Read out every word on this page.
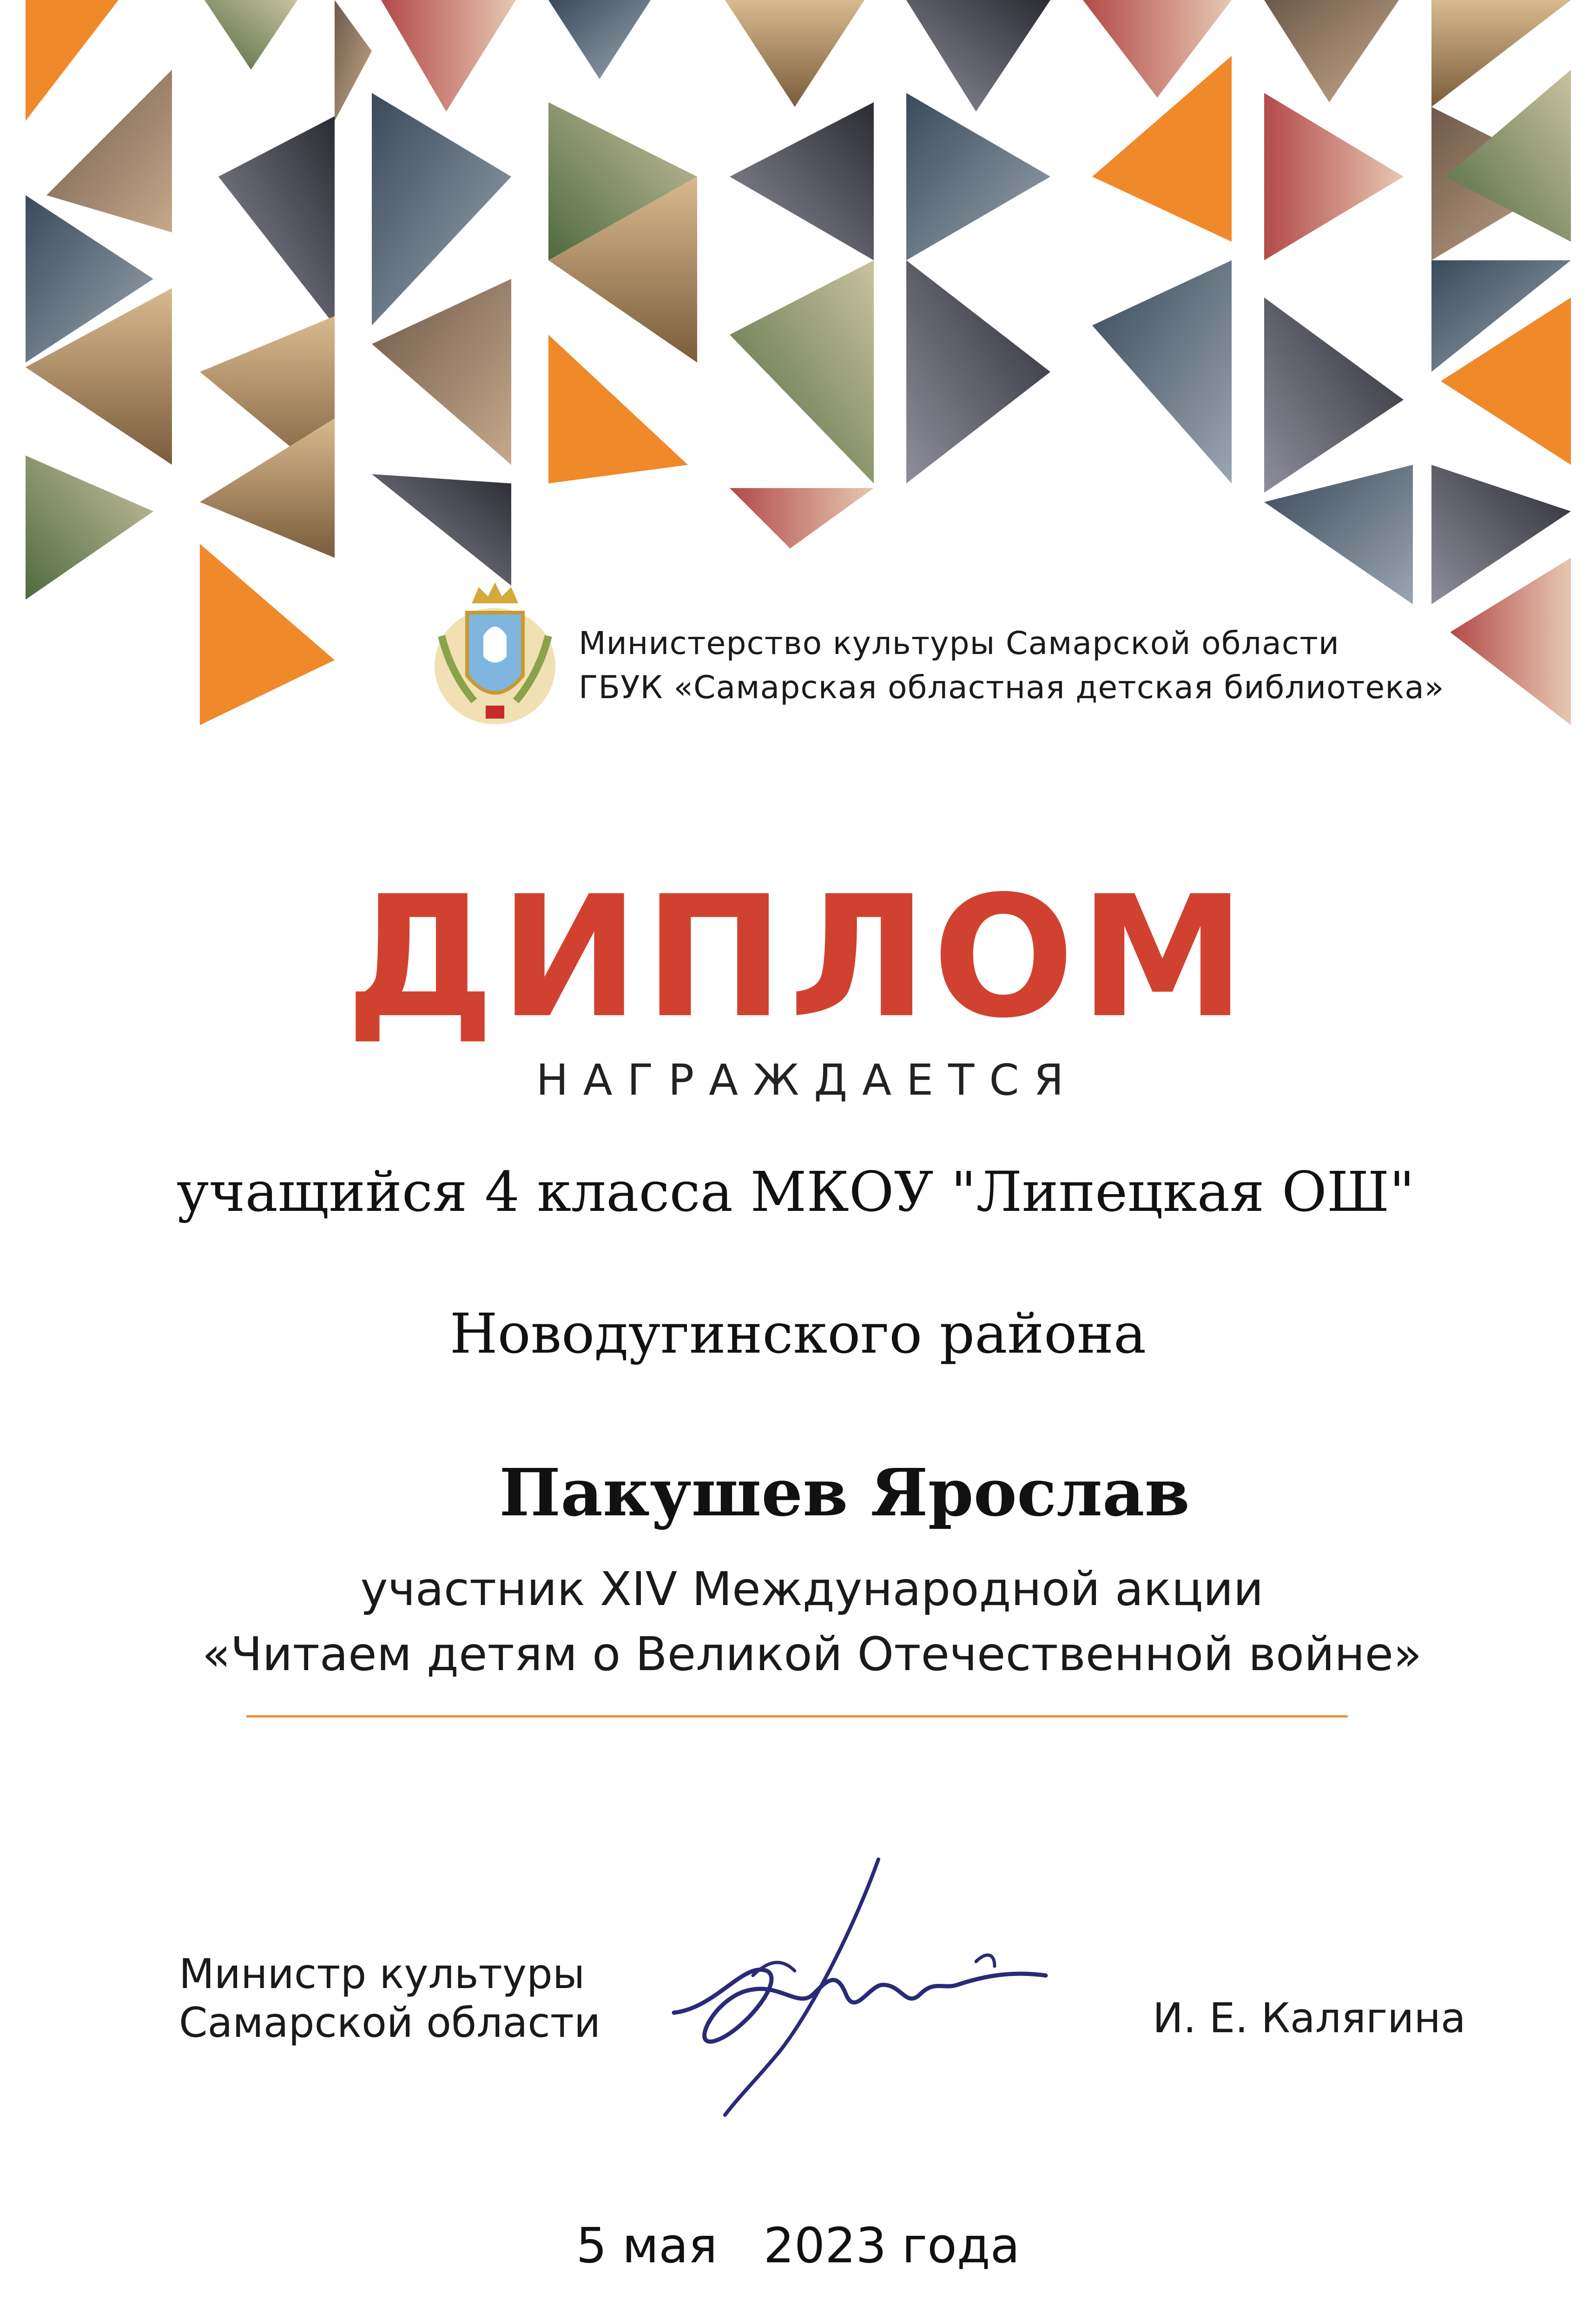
Министерство культуры Самарской области
ГБУК «Самарская областная детская библиотека»
ДИПЛОМ
НАГРАЖДАЕТСЯ
учащийся 4 класса МКОУ "Липецкая ОШ"
Новодугинского района
Пакушев Ярослав
участник XIV Международной акции
«Читаем детям о Великой Отечественной войне»
Министр культуры
Самарской области	И. Е. Калягина
5 мая   2023 года
